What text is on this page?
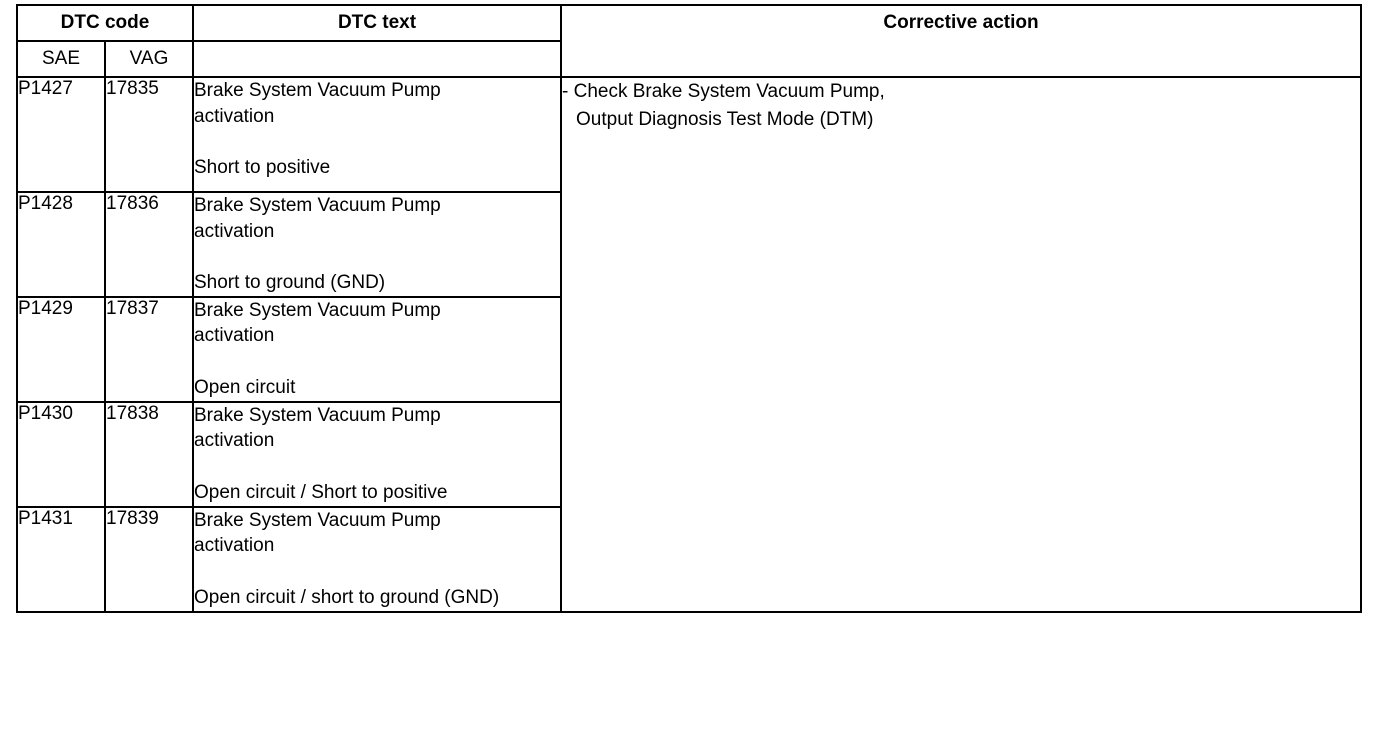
DTC code		DTC text	Corrective action
SAE	VAG		
P1427	17835	Brake System Vacuum Pump
activation
Short to positive

- Check Brake System Vacuum Pump,
Output Diagnosis Test Mode (DTM)

P1428	17836	Brake System Vacuum Pump
activation
Short to ground (GND)	

P1429	17837	Brake System Vacuum Pump
activation
Open circuit	

P1430	17838	Brake System Vacuum Pump
activation
Open circuit / Short to positive	

P1431	17839	Brake System Vacuum Pump
activation
Open circuit / short to ground (GND)	
